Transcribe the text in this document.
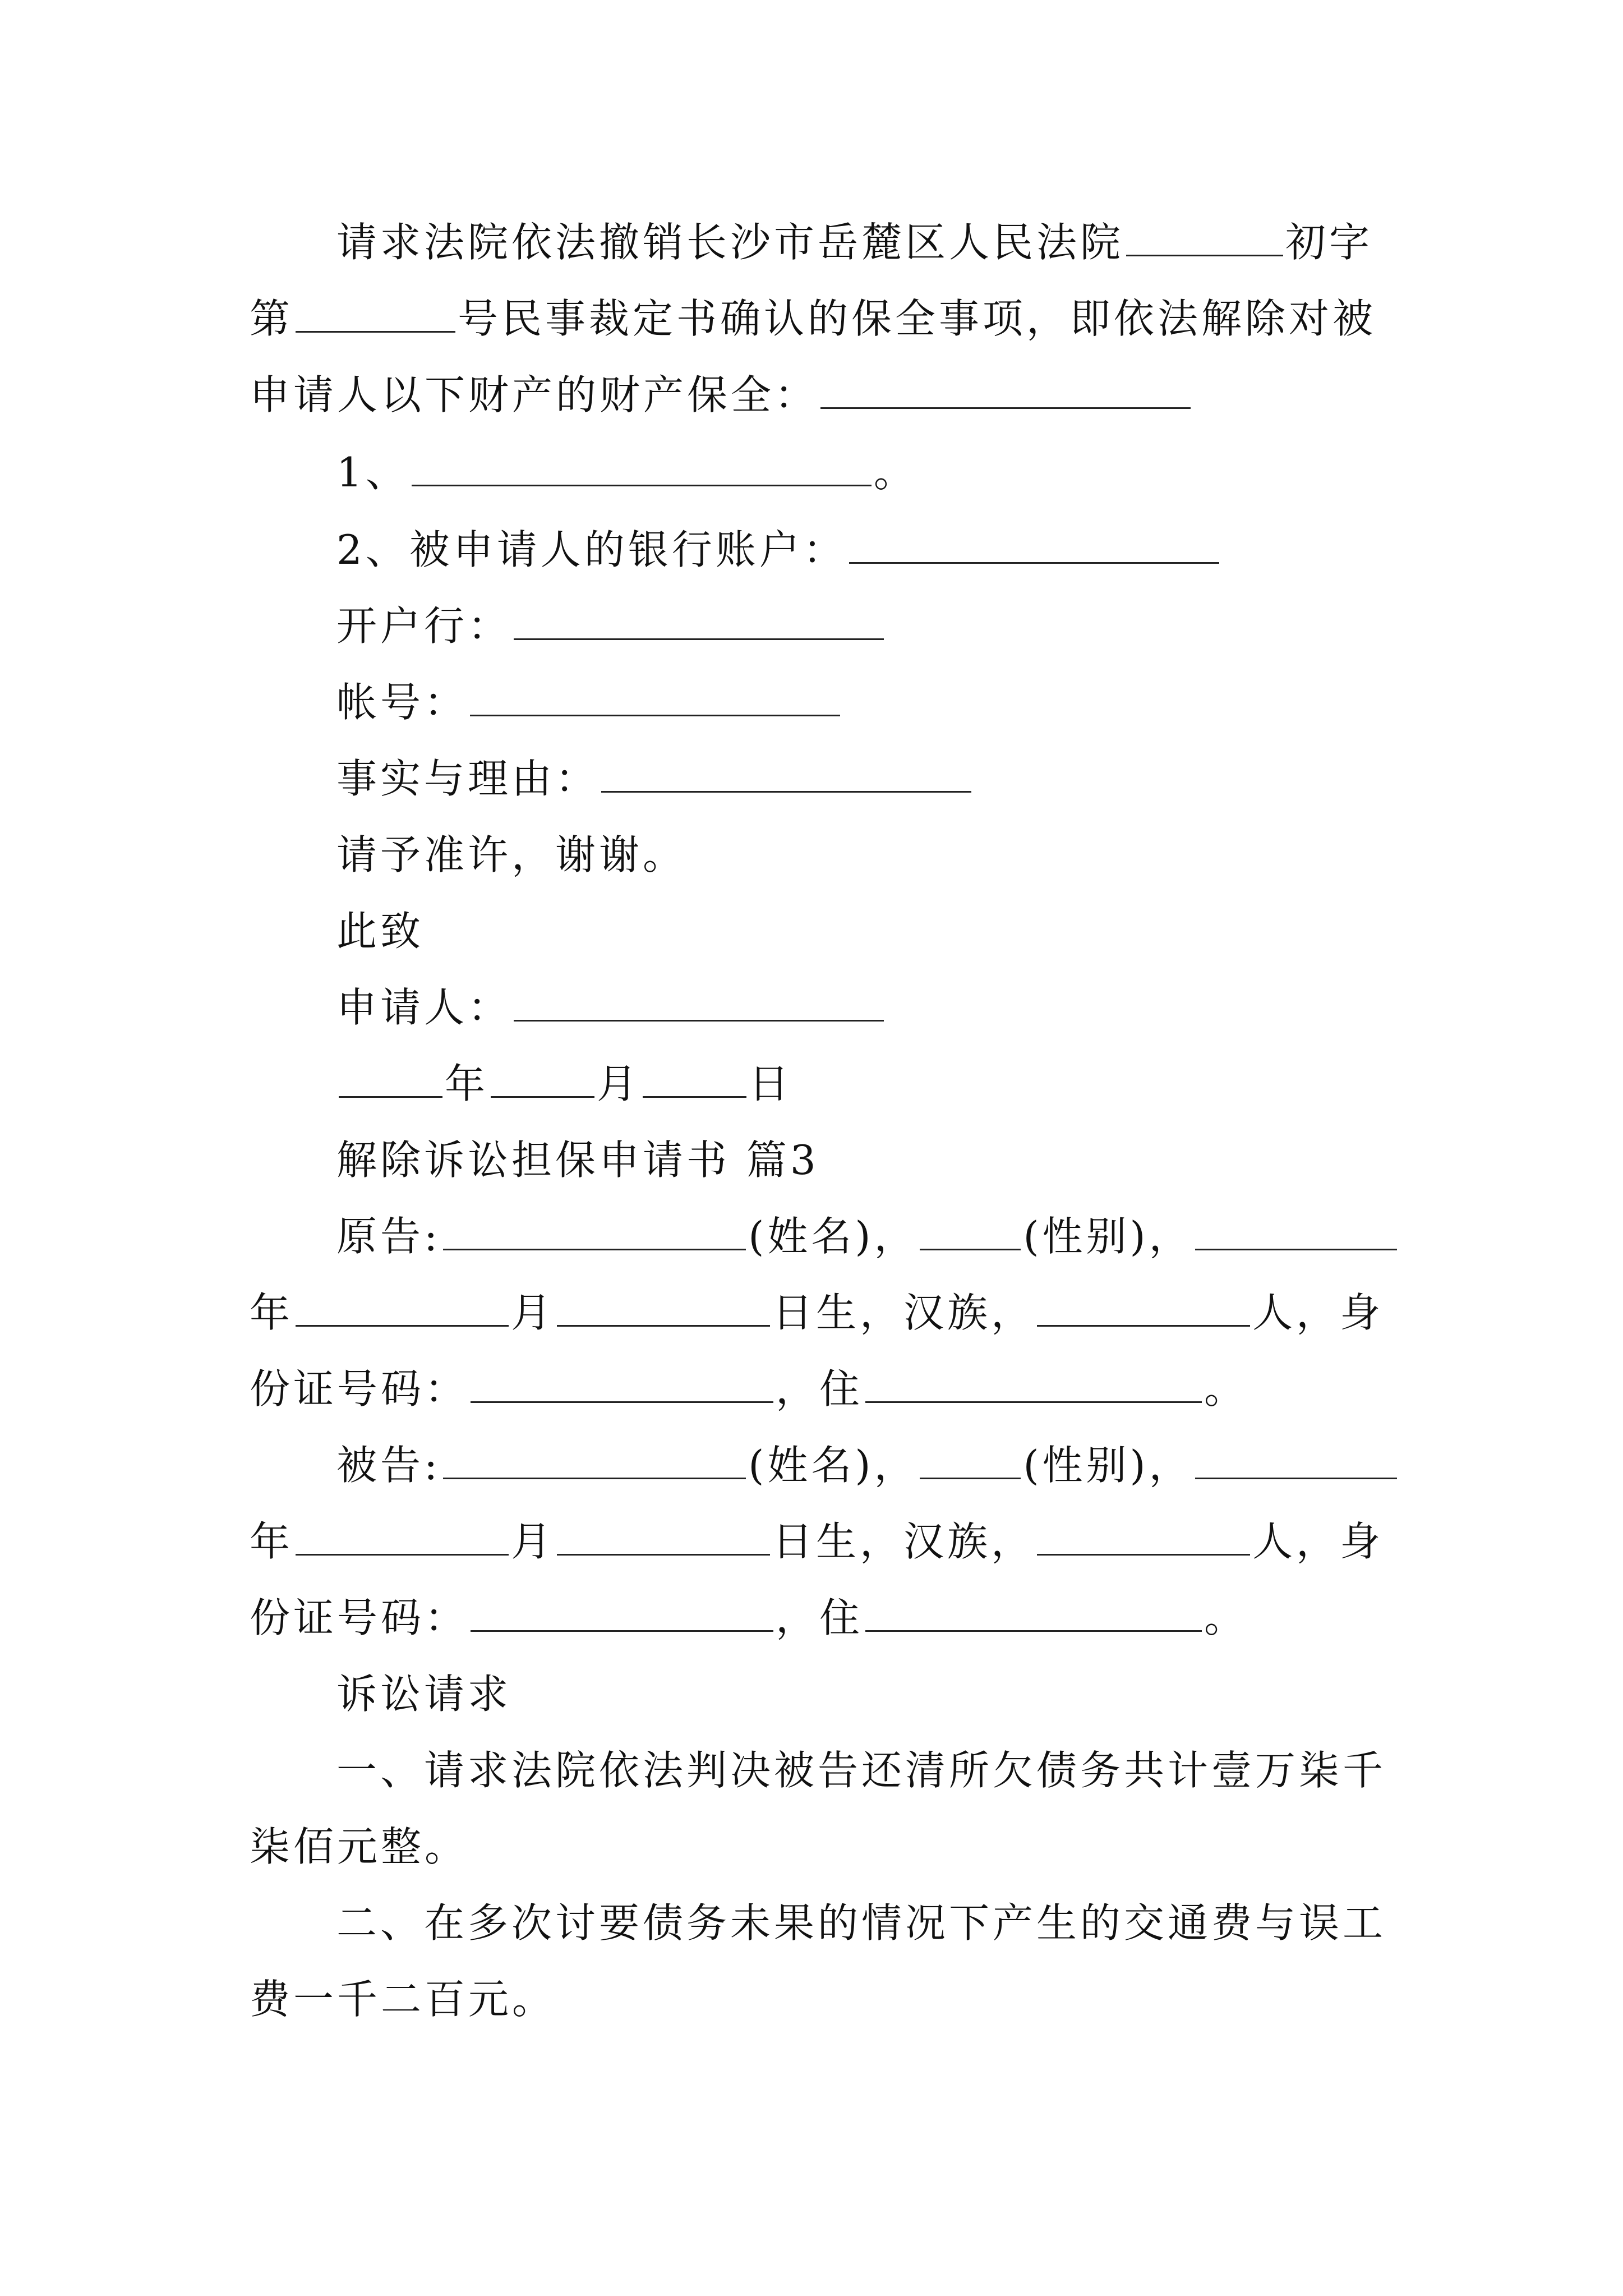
请求法院依法撤销长沙市岳麓区人民法院	初字
第	号民事裁定书确认的保全事项，即依法解除对被
申请人以下财产的财产保全：
1、	。
2、被申请人的银行账户：
开户行：
帐号：
事实与理由：
请予准许，谢谢。
此致
申请人：
年	月	日
解除诉讼担保申请书 篇3
原告:	(姓名)，	(性别)，
年	月	日生，汉族，	人，身
份证号码：	，住	。
被告:	(姓名)，	(性别)，
年	月	日生，汉族，	人，身
份证号码：	，住	。
诉讼请求
一、请求法院依法判决被告还清所欠债务共计壹万柒千
柒佰元整。
二、在多次讨要债务未果的情况下产生的交通费与误工
费一千二百元。
